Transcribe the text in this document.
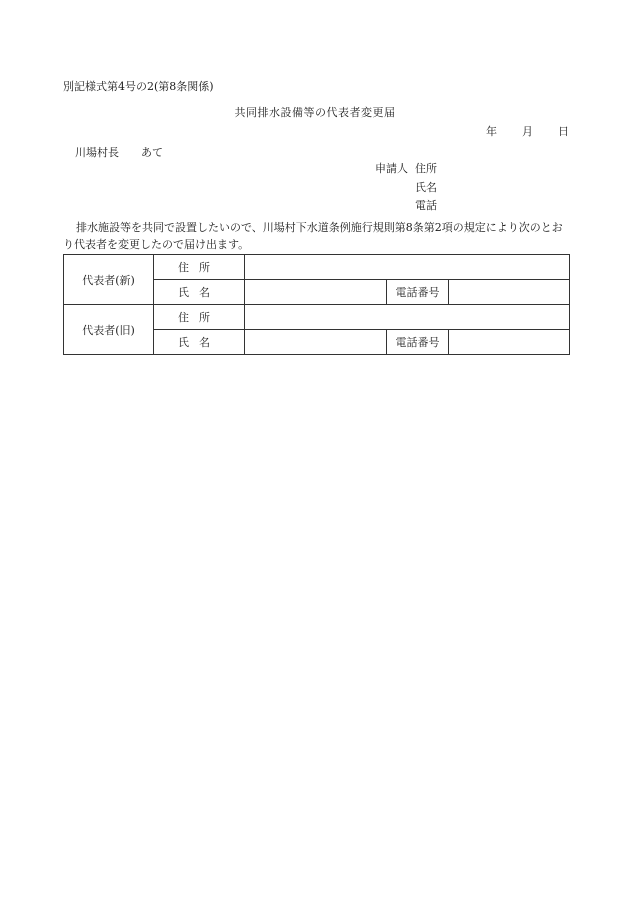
別記様式第4号の2(第8条関係)
共同排水設備等の代表者変更届
年 月 日
川場村長　　あて
申請人 住所
氏名
電話
排水施設等を共同で設置したいので、川場村下水道条例施行規則第8条第2項の規定により次のとおり代表者を変更したので届け出ます。
代表者(新)	住所			
	氏名		電話番号	
代表者(旧)	住所			
	氏名		電話番号	
